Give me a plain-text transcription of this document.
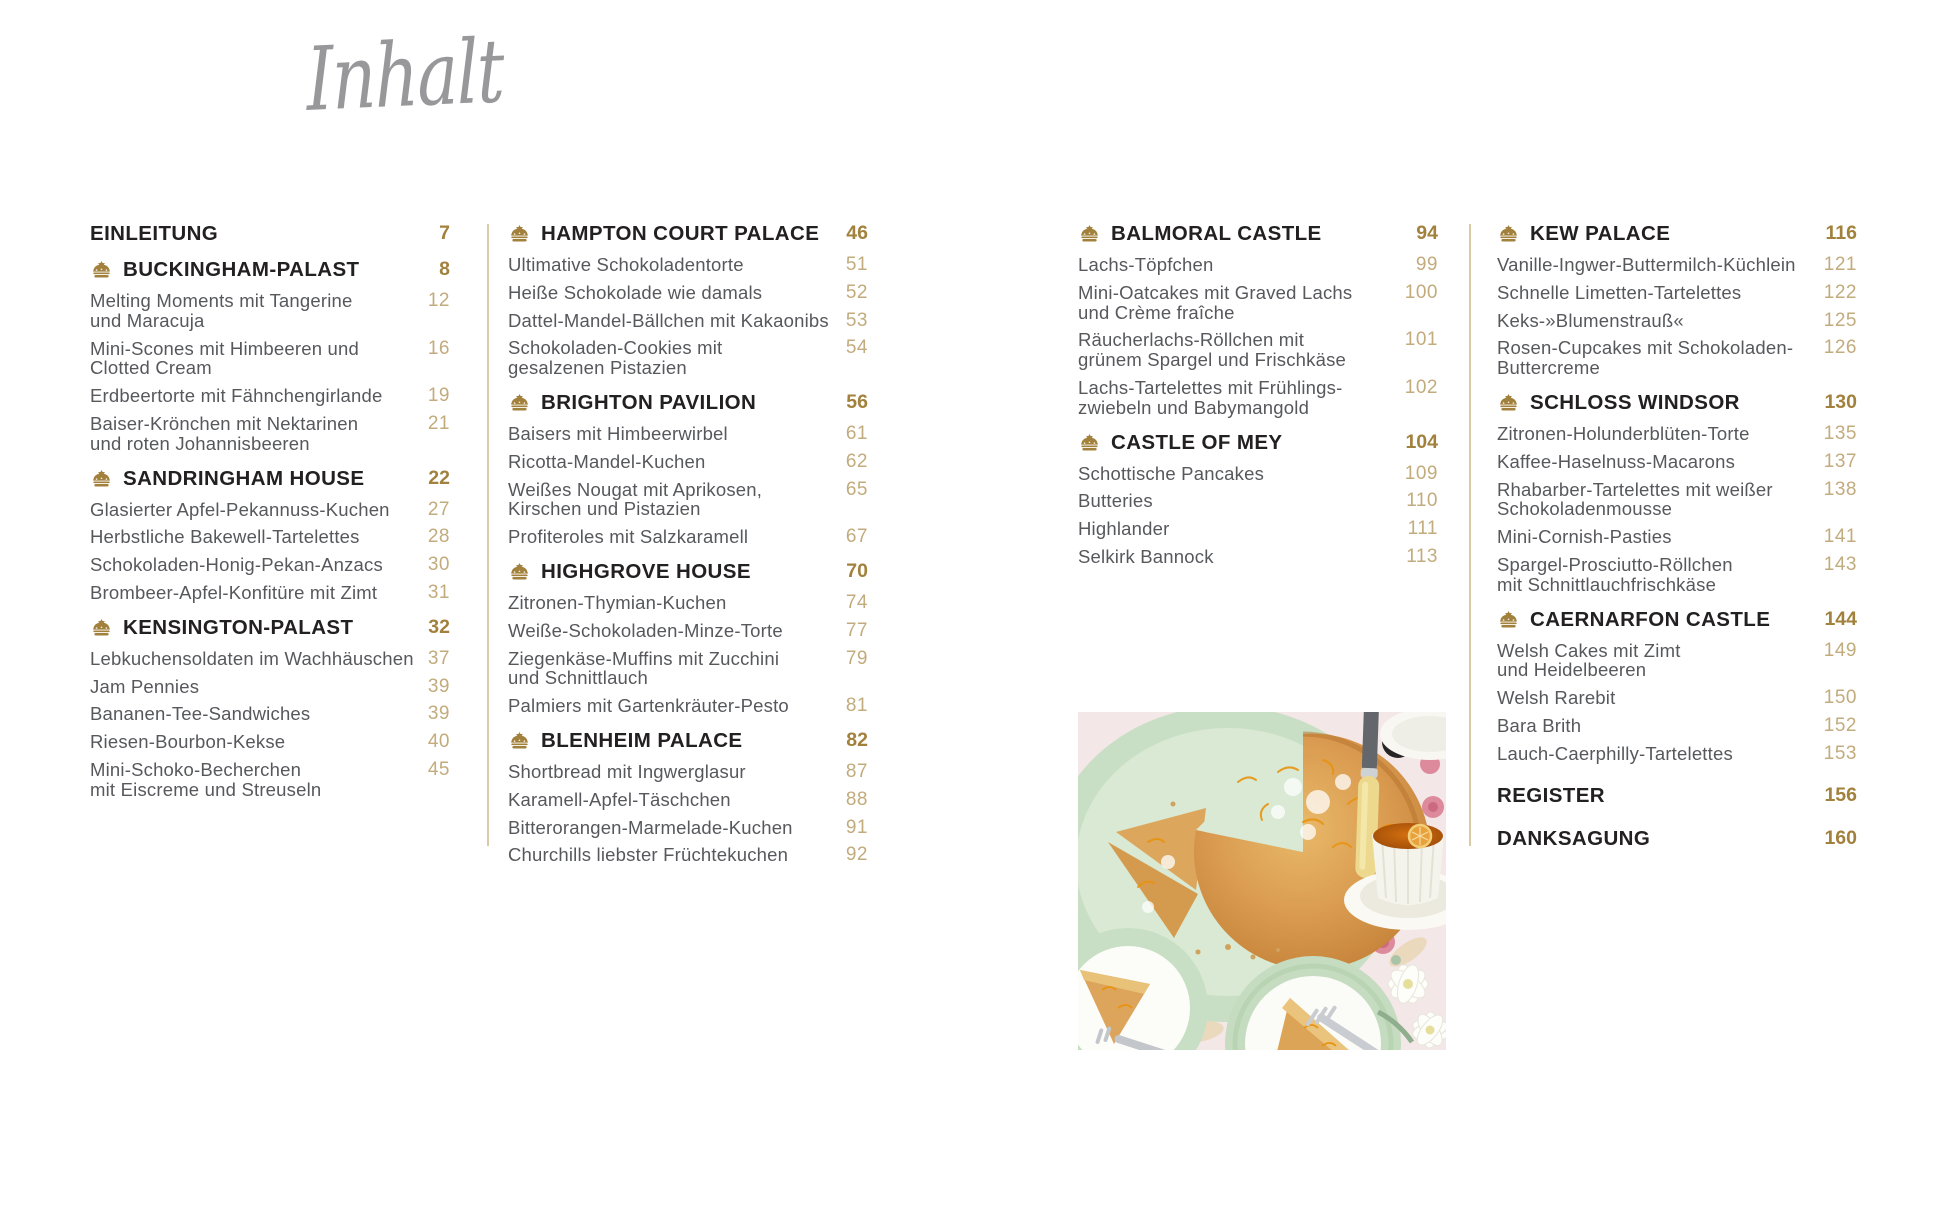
Inhalt
EINLEITUNG	7
BUCKINGHAM-PALAST	8
Melting Moments mit Tangerine
und Maracuja
12
Mini-Scones mit Himbeeren und
Clotted Cream
16
Erdbeertorte mit Fähnchengirlande 19
Baiser-Krönchen mit Nektarinen
und roten Johannisbeeren
21
SANDRINGHAM HOUSE	22
Glasierter Apfel-Pekannuss-Kuchen 27
Herbstliche Bakewell-Tartelettes	28
Schokoladen-Honig-Pekan-Anzacs 30
Brombeer-Apfel-Konfitüre mit Zimt	31
KENSINGTON-PALAST	32
Lebkuchensoldaten im Wachhäuschen 37
Jam Pennies	39
Bananen-Tee-Sandwiches	39
Riesen-Bourbon-Kekse	40
Mini-Schoko-Becherchen
mit Eiscreme und Streuseln
45
HAMPTON COURT PALACE 46
Ultimative Schokoladentorte	51
Heiße Schokolade wie damals	52
Dattel-Mandel-Bällchen mit Kakaonibs 53
Schokoladen-Cookies mit
gesalzenen Pistazien
54
BRIGHTON PAVILION	56
Baisers mit Himbeerwirbel	61
Ricotta-Mandel-Kuchen	62
Weißes Nougat mit Aprikosen,
Kirschen und Pistazien
65
Profiteroles mit Salzkaramell	67
HIGHGROVE HOUSE	70
Zitronen-Thymian-Kuchen	74
Weiße-Schokoladen-Minze-Torte	77
Ziegenkäse-Muffins mit Zucchini
und Schnittlauch
79
Palmiers mit Gartenkräuter-Pesto	81
BLENHEIM PALACE	82
Shortbread mit Ingwerglasur	87
Karamell-Apfel-Täschchen	88
Bitterorangen-Marmelade-Kuchen	91
Churchills liebster Früchtekuchen	92
BALMORAL CASTLE	94
Lachs-Töpfchen	99
Mini-Oatcakes mit Graved Lachs
und Crème fraîche
100
Räucherlachs-Röllchen mit
grünem Spargel und Frischkäse
101
Lachs-Tartelettes mit Frühlings-
zwiebeln und Babymangold
102
CASTLE OF MEY	104
Schottische Pancakes	109
Butteries	110
Highlander	111
Selkirk Bannock	113
KEW PALACE	116
Vanille-Ingwer-Buttermilch-Küchlein 121
Schnelle Limetten-Tartelettes	122
Keks-»Blumenstrauß«	125
Rosen-Cupcakes mit Schokoladen-
Buttercreme
126
SCHLOSS WINDSOR	130
Zitronen-Holunderblüten-Torte	135
Kaffee-Haselnuss-Macarons	137
Rhabarber-Tartelettes mit weißer
Schokoladenmousse
138
Mini-Cornish-Pasties	141
Spargel-Prosciutto-Röllchen
mit Schnittlauchfrischkäse
143
CAERNARFON CASTLE	144
Welsh Cakes mit Zimt
und Heidelbeeren
149
Welsh Rarebit	150
Bara Brith	152
Lauch-Caerphilly-Tartelettes	153
REGISTER	156
DANKSAGUNG	160
